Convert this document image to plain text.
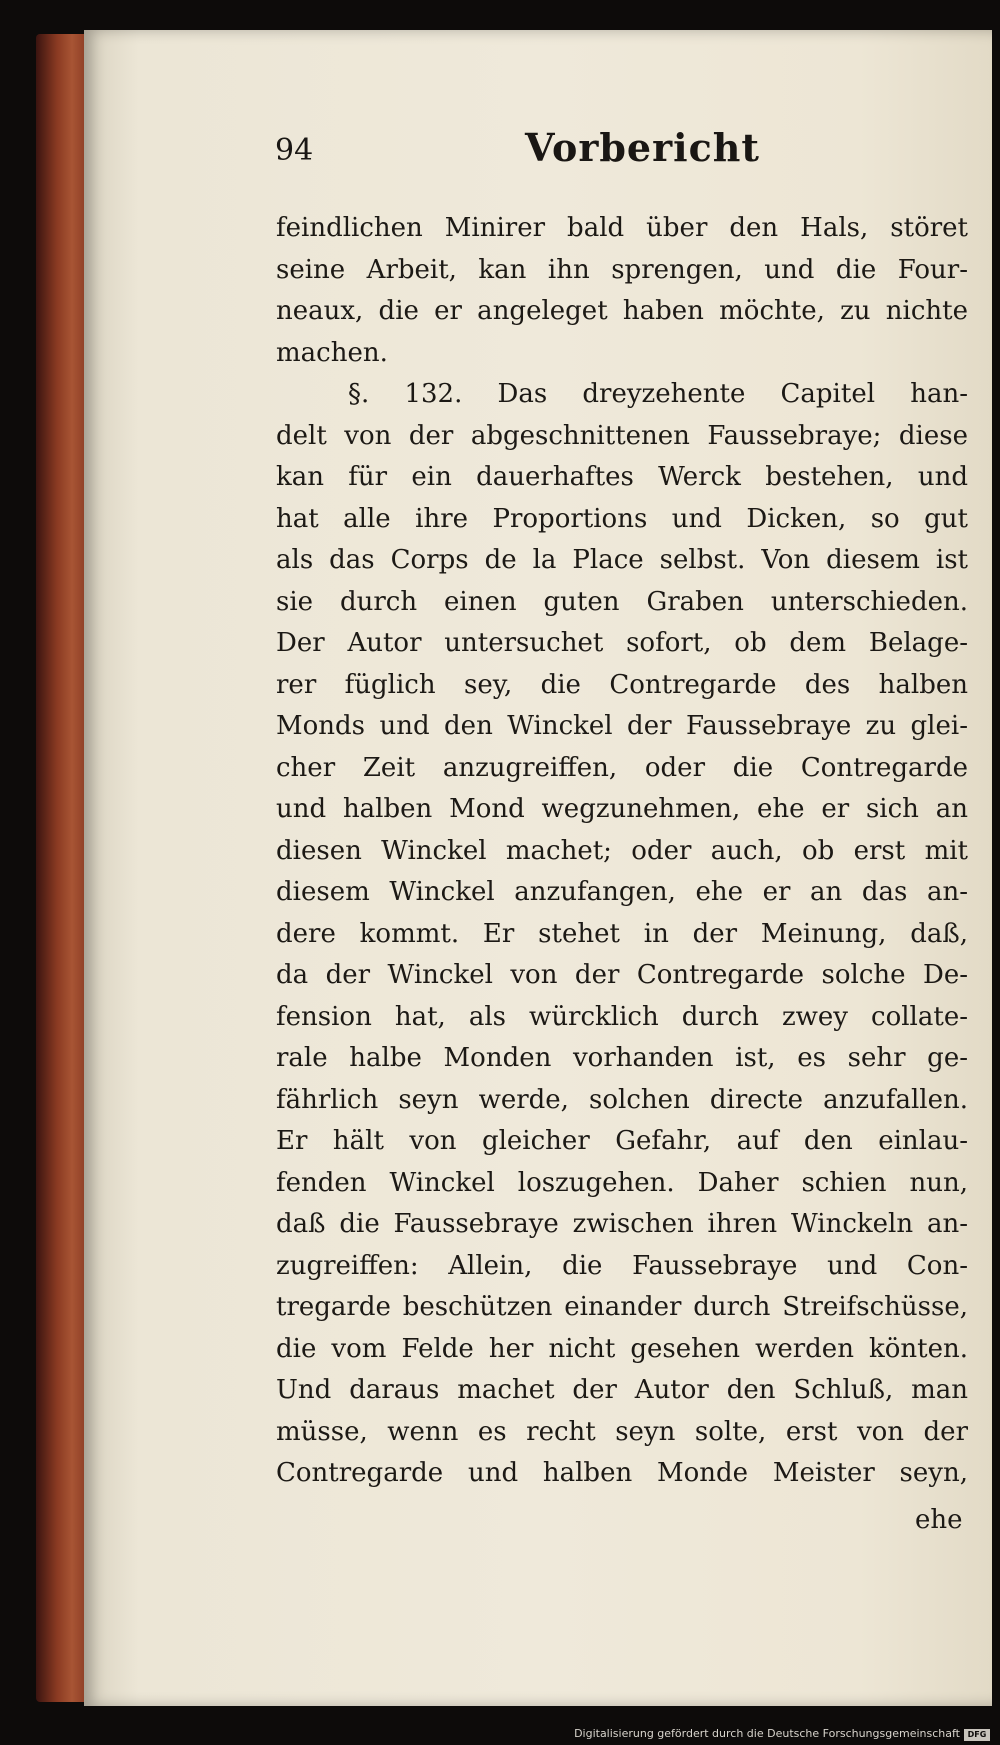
94	Vorbericht
feindlichen Minirer bald über den Hals, störet
seine Arbeit, kan ihn sprengen, und die Four-
neaux, die er angeleget haben möchte, zu nichte
machen.
§. 132. Das dreyzehente Capitel han-
delt von der abgeschnittenen Faussebraye; diese
kan für ein dauerhaftes Werck bestehen, und
hat alle ihre Proportions und Dicken, so gut
als das Corps de la Place selbst. Von diesem ist
sie durch einen guten Graben unterschieden.
Der Autor untersuchet sofort, ob dem Belage-
rer füglich sey, die Contregarde des halben
Monds und den Winckel der Faussebraye zu glei-
cher Zeit anzugreiffen, oder die Contregarde
und halben Mond wegzunehmen, ehe er sich an
diesen Winckel machet; oder auch, ob erst mit
diesem Winckel anzufangen, ehe er an das an-
dere kommt. Er stehet in der Meinung, daß,
da der Winckel von der Contregarde solche De-
fension hat, als würcklich durch zwey collate-
rale halbe Monden vorhanden ist, es sehr ge-
fährlich seyn werde, solchen directe anzufallen.
Er hält von gleicher Gefahr, auf den einlau-
fenden Winckel loszugehen. Daher schien nun,
daß die Faussebraye zwischen ihren Winckeln an-
zugreiffen: Allein, die Faussebraye und Con-
tregarde beschützen einander durch Streifschüsse,
die vom Felde her nicht gesehen werden könten.
Und daraus machet der Autor den Schluß, man
müsse, wenn es recht seyn solte, erst von der
Contregarde und halben Monde Meister seyn,
ehe
Digitalisierung gefördert durch die Deutsche Forschungsgemeinschaft DFG
